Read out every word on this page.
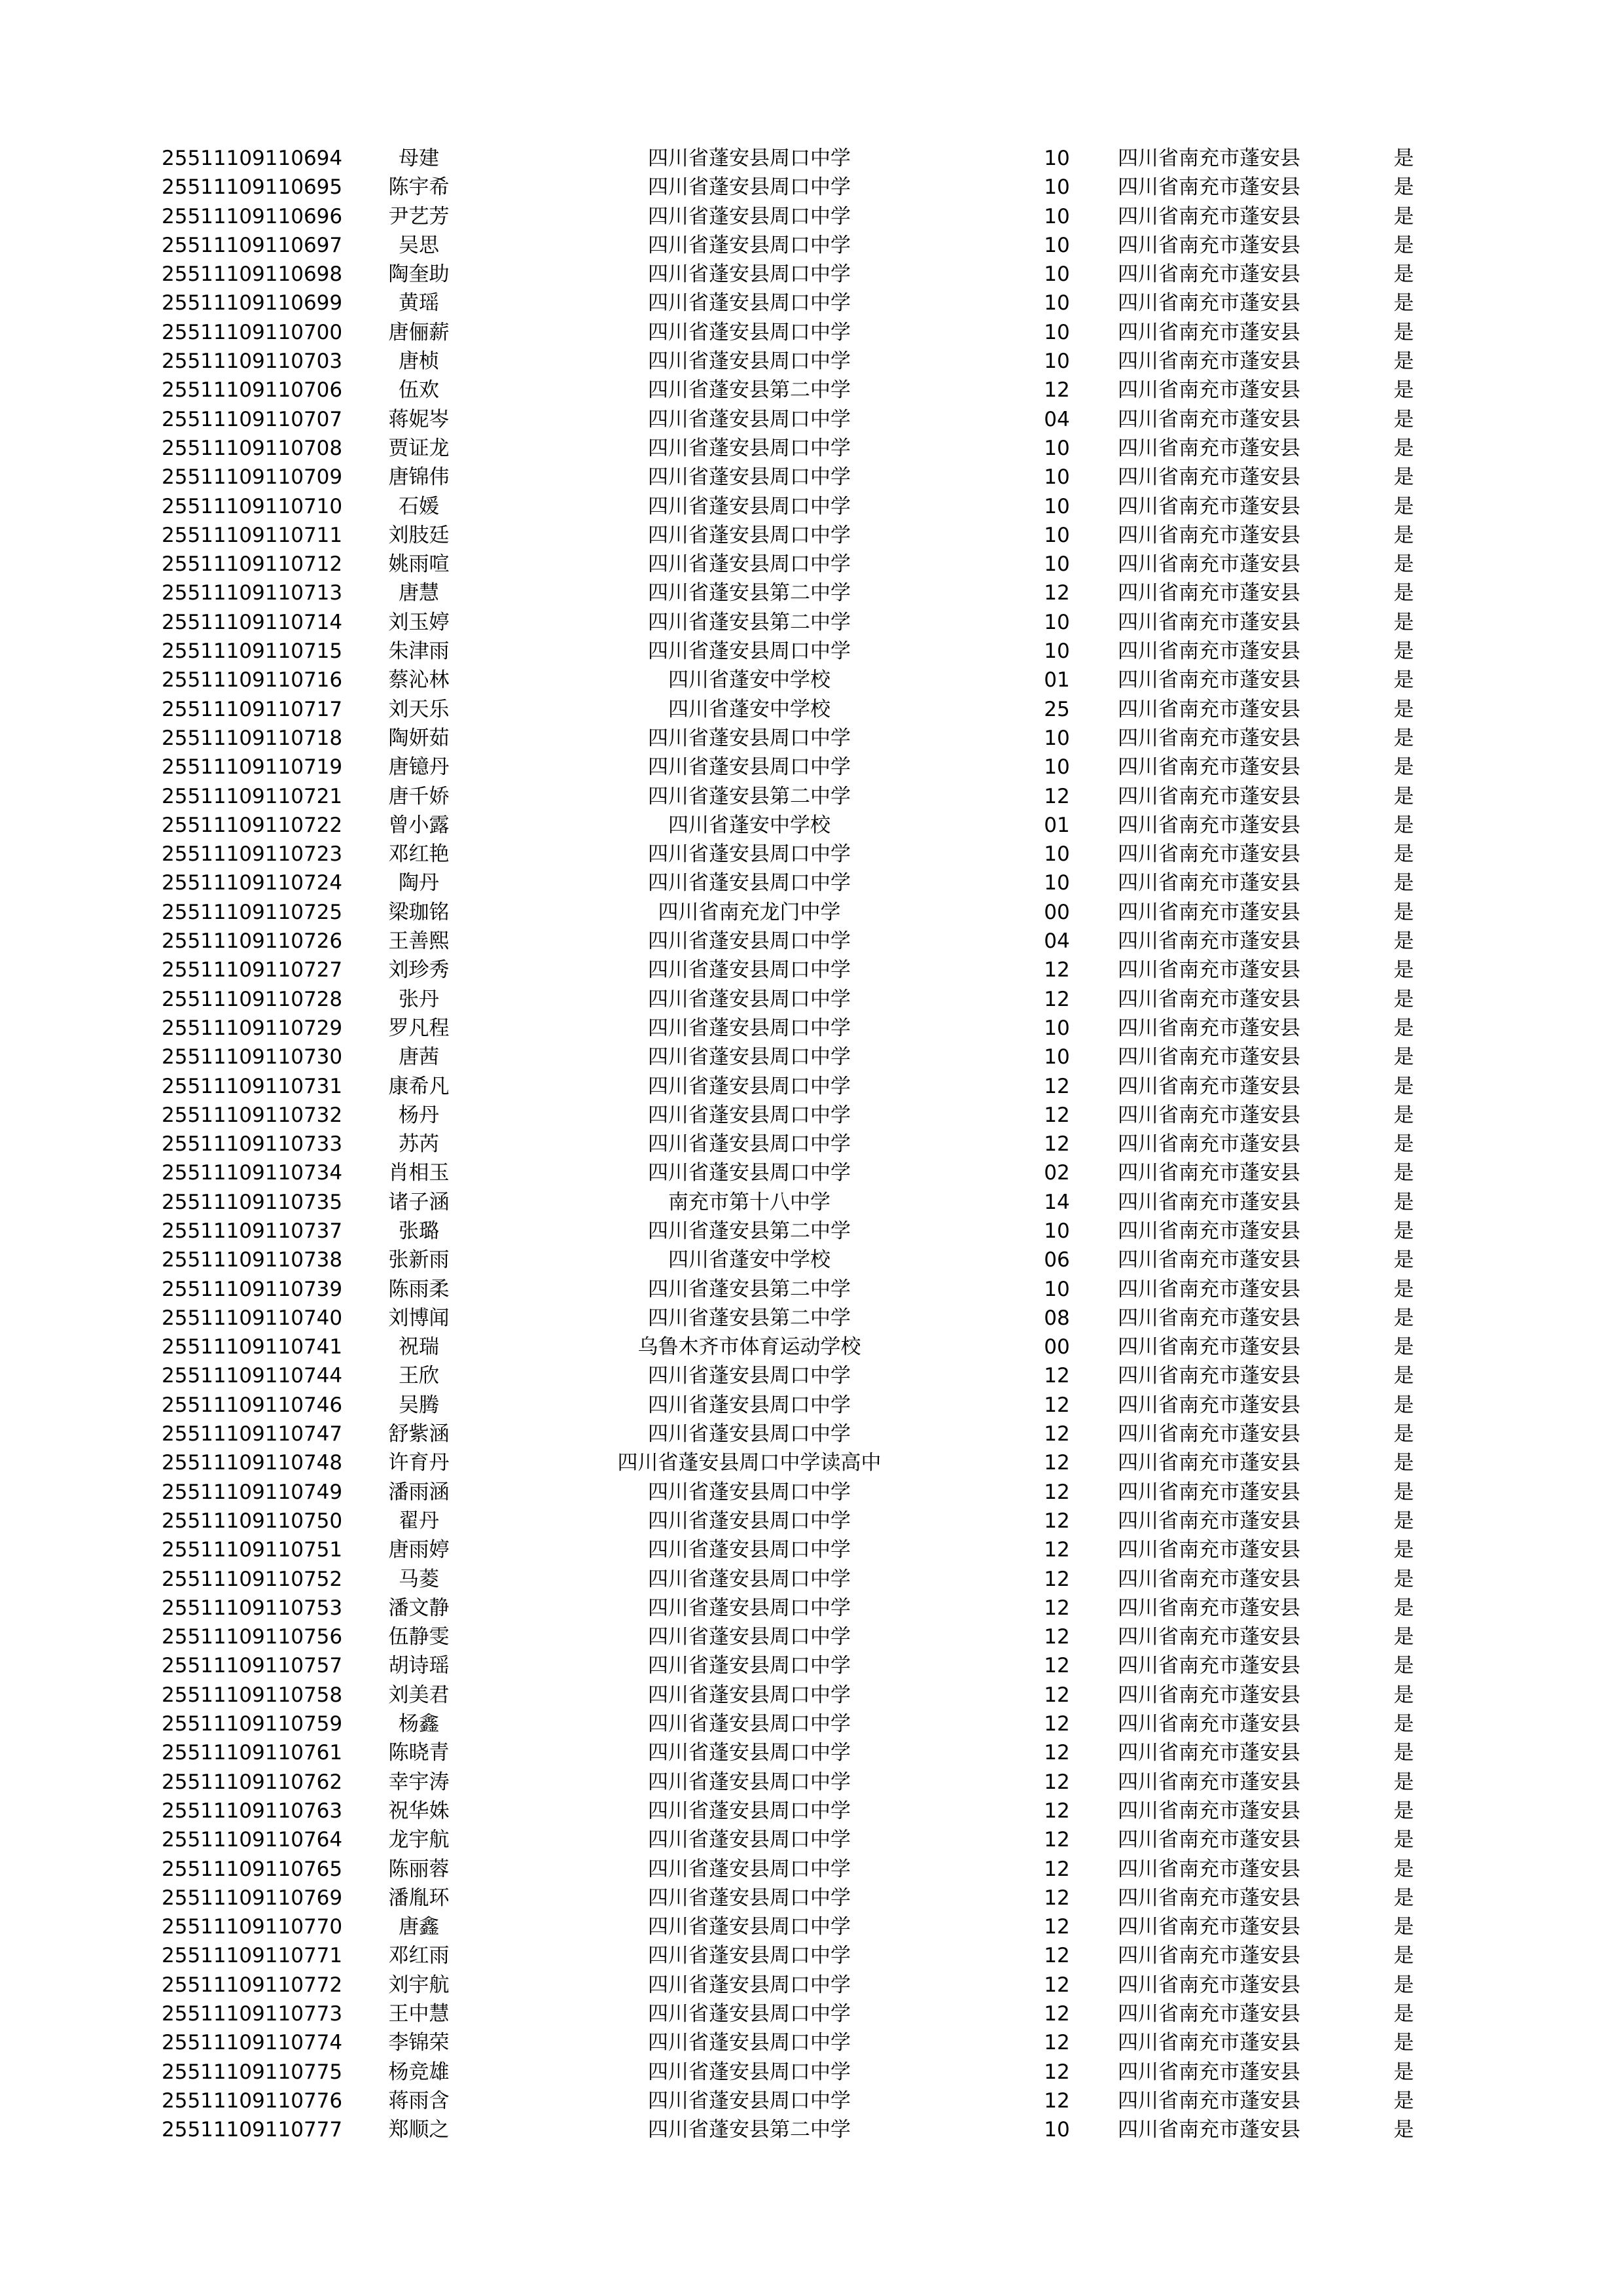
25511109110694	母建	四川省蓬安县周口中学	10	四川省南充市蓬安县	是
25511109110695	陈宇希	四川省蓬安县周口中学	10	四川省南充市蓬安县	是
25511109110696	尹艺芳	四川省蓬安县周口中学	10	四川省南充市蓬安县	是
25511109110697	吴思	四川省蓬安县周口中学	10	四川省南充市蓬安县	是
25511109110698	陶奎助	四川省蓬安县周口中学	10	四川省南充市蓬安县	是
25511109110699	黄瑶	四川省蓬安县周口中学	10	四川省南充市蓬安县	是
25511109110700	唐俪薪	四川省蓬安县周口中学	10	四川省南充市蓬安县	是
25511109110703	唐桢	四川省蓬安县周口中学	10	四川省南充市蓬安县	是
25511109110706	伍欢	四川省蓬安县第二中学	12	四川省南充市蓬安县	是
25511109110707	蒋妮岑	四川省蓬安县周口中学	04	四川省南充市蓬安县	是
25511109110708	贾证龙	四川省蓬安县周口中学	10	四川省南充市蓬安县	是
25511109110709	唐锦伟	四川省蓬安县周口中学	10	四川省南充市蓬安县	是
25511109110710	石媛	四川省蓬安县周口中学	10	四川省南充市蓬安县	是
25511109110711	刘肢廷	四川省蓬安县周口中学	10	四川省南充市蓬安县	是
25511109110712	姚雨喧	四川省蓬安县周口中学	10	四川省南充市蓬安县	是
25511109110713	唐慧	四川省蓬安县第二中学	12	四川省南充市蓬安县	是
25511109110714	刘玉婷	四川省蓬安县第二中学	10	四川省南充市蓬安县	是
25511109110715	朱津雨	四川省蓬安县周口中学	10	四川省南充市蓬安县	是
25511109110716	蔡沁林	四川省蓬安中学校	01	四川省南充市蓬安县	是
25511109110717	刘天乐	四川省蓬安中学校	25	四川省南充市蓬安县	是
25511109110718	陶妍茹	四川省蓬安县周口中学	10	四川省南充市蓬安县	是
25511109110719	唐镱丹	四川省蓬安县周口中学	10	四川省南充市蓬安县	是
25511109110721	唐千娇	四川省蓬安县第二中学	12	四川省南充市蓬安县	是
25511109110722	曾小露	四川省蓬安中学校	01	四川省南充市蓬安县	是
25511109110723	邓红艳	四川省蓬安县周口中学	10	四川省南充市蓬安县	是
25511109110724	陶丹	四川省蓬安县周口中学	10	四川省南充市蓬安县	是
25511109110725	梁珈铭	四川省南充龙门中学	00	四川省南充市蓬安县	是
25511109110726	王善熙	四川省蓬安县周口中学	04	四川省南充市蓬安县	是
25511109110727	刘珍秀	四川省蓬安县周口中学	12	四川省南充市蓬安县	是
25511109110728	张丹	四川省蓬安县周口中学	12	四川省南充市蓬安县	是
25511109110729	罗凡程	四川省蓬安县周口中学	10	四川省南充市蓬安县	是
25511109110730	唐茜	四川省蓬安县周口中学	10	四川省南充市蓬安县	是
25511109110731	康希凡	四川省蓬安县周口中学	12	四川省南充市蓬安县	是
25511109110732	杨丹	四川省蓬安县周口中学	12	四川省南充市蓬安县	是
25511109110733	苏芮	四川省蓬安县周口中学	12	四川省南充市蓬安县	是
25511109110734	肖相玉	四川省蓬安县周口中学	02	四川省南充市蓬安县	是
25511109110735	诸子涵	南充市第十八中学	14	四川省南充市蓬安县	是
25511109110737	张璐	四川省蓬安县第二中学	10	四川省南充市蓬安县	是
25511109110738	张新雨	四川省蓬安中学校	06	四川省南充市蓬安县	是
25511109110739	陈雨柔	四川省蓬安县第二中学	10	四川省南充市蓬安县	是
25511109110740	刘博闻	四川省蓬安县第二中学	08	四川省南充市蓬安县	是
25511109110741	祝瑞	乌鲁木齐市体育运动学校	00	四川省南充市蓬安县	是
25511109110744	王欣	四川省蓬安县周口中学	12	四川省南充市蓬安县	是
25511109110746	吴腾	四川省蓬安县周口中学	12	四川省南充市蓬安县	是
25511109110747	舒紫涵	四川省蓬安县周口中学	12	四川省南充市蓬安县	是
25511109110748	许育丹	四川省蓬安县周口中学读高中	12	四川省南充市蓬安县	是
25511109110749	潘雨涵	四川省蓬安县周口中学	12	四川省南充市蓬安县	是
25511109110750	翟丹	四川省蓬安县周口中学	12	四川省南充市蓬安县	是
25511109110751	唐雨婷	四川省蓬安县周口中学	12	四川省南充市蓬安县	是
25511109110752	马菱	四川省蓬安县周口中学	12	四川省南充市蓬安县	是
25511109110753	潘文静	四川省蓬安县周口中学	12	四川省南充市蓬安县	是
25511109110756	伍静雯	四川省蓬安县周口中学	12	四川省南充市蓬安县	是
25511109110757	胡诗瑶	四川省蓬安县周口中学	12	四川省南充市蓬安县	是
25511109110758	刘美君	四川省蓬安县周口中学	12	四川省南充市蓬安县	是
25511109110759	杨鑫	四川省蓬安县周口中学	12	四川省南充市蓬安县	是
25511109110761	陈晓青	四川省蓬安县周口中学	12	四川省南充市蓬安县	是
25511109110762	幸宇涛	四川省蓬安县周口中学	12	四川省南充市蓬安县	是
25511109110763	祝华姝	四川省蓬安县周口中学	12	四川省南充市蓬安县	是
25511109110764	龙宇航	四川省蓬安县周口中学	12	四川省南充市蓬安县	是
25511109110765	陈丽蓉	四川省蓬安县周口中学	12	四川省南充市蓬安县	是
25511109110769	潘胤环	四川省蓬安县周口中学	12	四川省南充市蓬安县	是
25511109110770	唐鑫	四川省蓬安县周口中学	12	四川省南充市蓬安县	是
25511109110771	邓红雨	四川省蓬安县周口中学	12	四川省南充市蓬安县	是
25511109110772	刘宇航	四川省蓬安县周口中学	12	四川省南充市蓬安县	是
25511109110773	王中慧	四川省蓬安县周口中学	12	四川省南充市蓬安县	是
25511109110774	李锦荣	四川省蓬安县周口中学	12	四川省南充市蓬安县	是
25511109110775	杨竞雄	四川省蓬安县周口中学	12	四川省南充市蓬安县	是
25511109110776	蒋雨含	四川省蓬安县周口中学	12	四川省南充市蓬安县	是
25511109110777	郑顺之	四川省蓬安县第二中学	10	四川省南充市蓬安县	是
